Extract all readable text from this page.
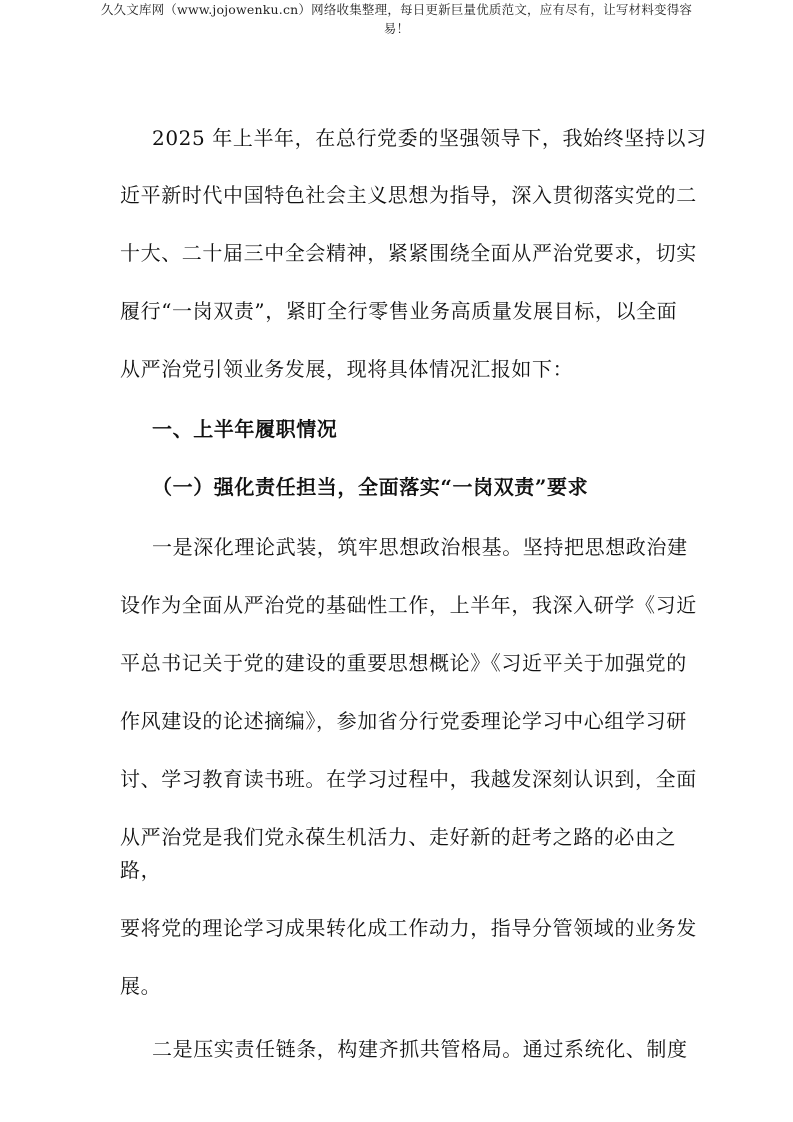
久久文库网（www.jojowenku.cn）网络收集整理，每日更新巨量优质范文，应有尽有，让写材料变得容
易！
2025 年上半年，在总行党委的坚强领导下，我始终坚持以习
近平新时代中国特色社会主义思想为指导，深入贯彻落实党的二
十大、二十届三中全会精神，紧紧围绕全面从严治党要求，切实
履行“一岗双责”，紧盯全行零售业务高质量发展目标，以全面
从严治党引领业务发展，现将具体情况汇报如下：
一、上半年履职情况
（一）强化责任担当，全面落实“一岗双责”要求
一是深化理论武装，筑牢思想政治根基。坚持把思想政治建
设作为全面从严治党的基础性工作，上半年，我深入研学《习近
平总书记关于党的建设的重要思想概论》《习近平关于加强党的
作风建设的论述摘编》，参加省分行党委理论学习中心组学习研
讨、学习教育读书班。在学习过程中，我越发深刻认识到，全面
从严治党是我们党永葆生机活力、走好新的赶考之路的必由之
路，
要将党的理论学习成果转化成工作动力，指导分管领域的业务发
展。
二是压实责任链条，构建齐抓共管格局。通过系统化、制度
